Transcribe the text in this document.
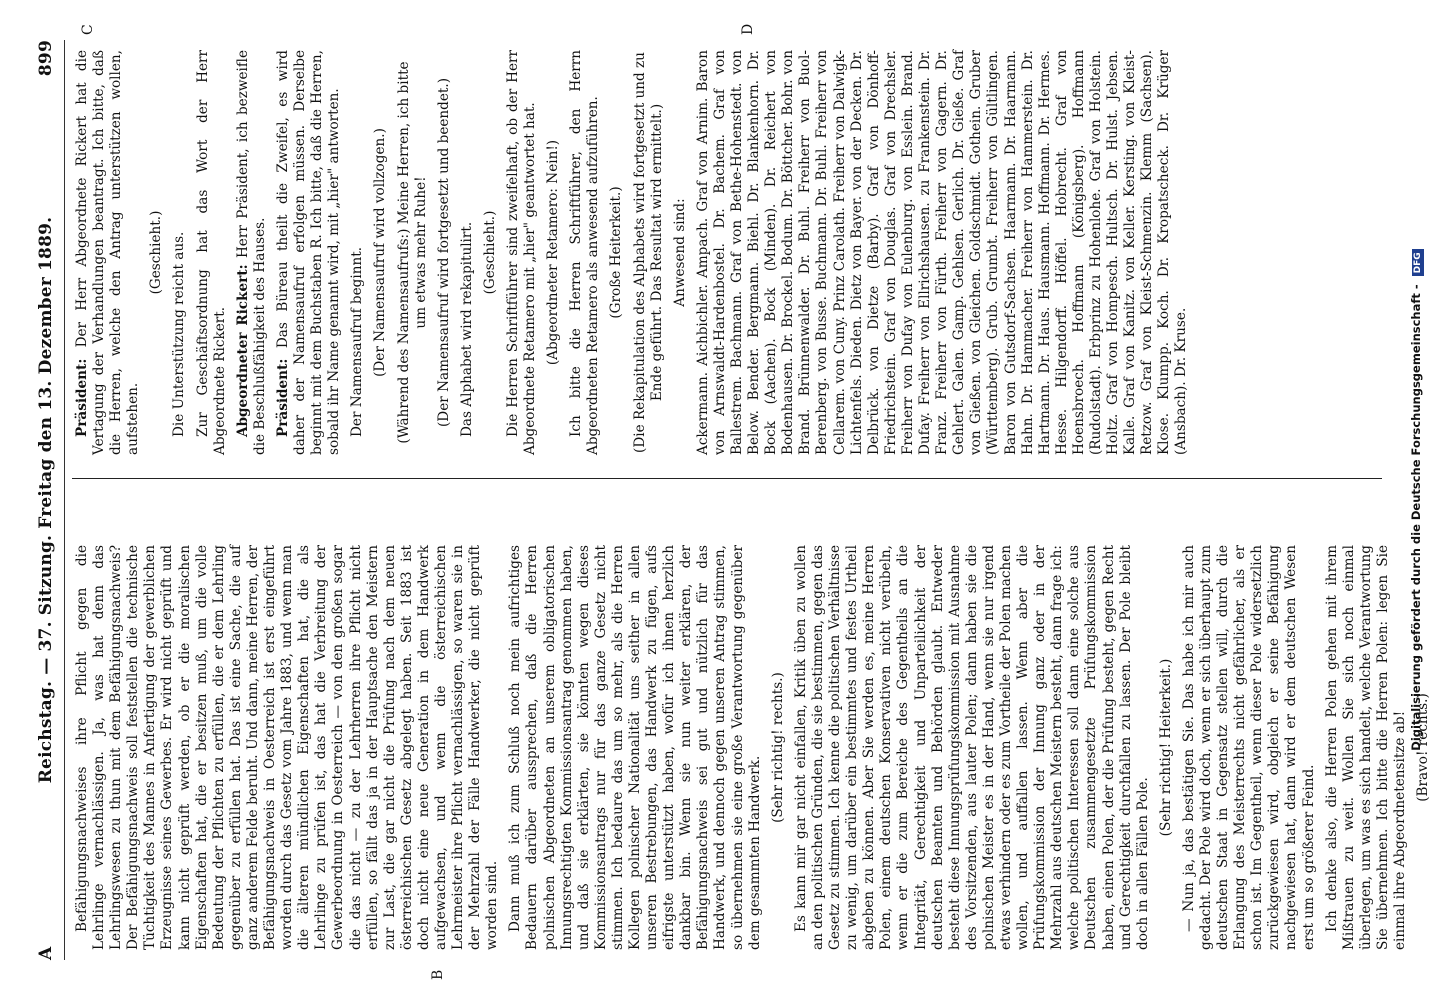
A
Reichstag. — 37. Sitzung. Freitag den 13. Dezember 1889.
899

Befähigungsnachweises ihre Pflicht gegen die Lehrlinge vernachlässigen. Ja, was hat denn das Lehrlingswesen zu thun mit dem Befähigungsnachweis? Der Befähigungsnachweis soll feststellen die technische Tüchtigkeit des Mannes in Anfertigung der gewerblichen Erzeugnisse seines Gewerbes. Er wird nicht geprüft und kann nicht geprüft werden, ob er die moralischen Eigenschaften hat, die er besitzen muß, um die volle Bedeutung der Pflichten zu erfüllen, die er dem Lehrling gegenüber zu erfüllen hat. Das ist eine Sache, die auf ganz anderem Felde beruht. Und dann, meine Herren, der Befähigungsnachweis in Oesterreich ist erst eingeführt worden durch das Gesetz vom Jahre 1883, und wenn man die älteren mündlichen Eigenschaften hat, die als Lehrlinge zu prüfen ist, das hat die Verbreitung der Gewerbeordnung in Oesterreich — von den großen sogar die das nicht — zu der Lehrherren ihre Pflicht nicht erfüllen, so fällt das ja in der Hauptsache den Meistern zur Last, die gar nicht die Prüfung nach dem neuen österreichischen Gesetz abgelegt haben. Seit 1883 ist doch nicht eine neue Generation in dem Handwerk aufgewachsen, und wenn die österreichischen Lehrmeister ihre Pflicht vernachlässigen, so waren sie in der Mehrzahl der Fälle Handwerker, die nicht geprüft worden sind. Dann muß ich zum Schluß noch mein aufrichtiges Bedauern darüber aussprechen, daß die Herren polnischen Abgeordneten an unserem obligatorischen Innungsrechtigten Kommissionsantrag genommen haben, und daß sie erklärten, sie könnten wegen dieses Kommissionsantrags nur für das ganze Gesetz nicht stimmen. Ich bedaure das um so mehr, als die Herren Kollegen polnischer Nationalität uns seither in allen unseren Bestrebungen, das Handwerk zu fügen, aufs eifrigste unterstützt haben, wofür ich ihnen herzlich dankbar bin. Wenn sie nun weiter erklären, der Befähigungsnachweis sei gut und nützlich für das Handwerk, und dennoch gegen unseren Antrag stimmen, so übernehmen sie eine große Verantwortung gegenüber dem gesammten Handwerk.

(Sehr richtig! rechts.) Es kann mir gar nicht einfallen, Kritik üben zu wollen an den politischen Gründen, die sie bestimmen, gegen das Gesetz zu stimmen. Ich kenne die politischen Verhältnisse zu wenig, um darüber ein bestimmtes und festes Urtheil abgeben zu können. Aber Sie werden es, meine Herren Polen, einem deutschen Konservativen nicht verübeln, wenn er die zum Bereiche des Gegentheils an die Integrität, Gerechtigkeit und Unparteilichkeit der deutschen Beamten und Behörden glaubt. Entweder besteht diese Innungsprüfungskommission mit Ausnahme des Vorsitzenden, aus lauter Polen; dann haben sie die polnischen Meister es in der Hand, wenn sie nur irgend etwas verhindern oder es zum Vortheile der Polen machen wollen, und auffallen lassen. Wenn aber die Prüfungskommission der Innung ganz oder in der Mehrzahl aus deutschen Meistern besteht, dann frage ich: welche politischen Interessen soll dann eine solche aus Deutschen zusammengesetzte Prüfungskommission haben, einen Polen, der die Prüfung besteht, gegen Recht und Gerechtigkeit durchfallen zu lassen. Der Pole bleibt doch in allen Fällen Pole.

(Sehr richtig! Heiterkeit.) — Nun ja, das bestätigen Sie. Das habe ich mir auch gedacht. Der Pole wird doch, wenn er sich überhaupt zum deutschen Staat in Gegensatz stellen will, durch die Erlangung des Meisterrechts nicht gefährlicher, als er schon ist. Im Gegentheil, wenn dieser Pole widersetzlich zurückgewiesen wird, obgleich er seine Befähigung nachgewiesen hat, dann wird er dem deutschen Wesen erst um so größerer Feind. Ich denke also, die Herren Polen gehen mit ihrem Mißtrauen zu weit. Wollen Sie sich noch einmal überlegen, um was es sich handelt, welche Verantwortung Sie übernehmen. Ich bitte die Herren Polen: legen Sie einmal ihre Abgeordnetensitze ab! (Bravo! rechts.)

Präsident: Der Herr Abgeordnete Rickert hat die Vertagung der Verhandlungen beantragt. Ich bitte, daß die Herren, welche den Antrag unterstützen wollen, aufstehen.

(Geschieht.) Die Unterstützung reicht aus. Zur Geschäftsordnung hat das Wort der Herr Abgeordnete Rickert. Abgeordneter Rickert: Herr Präsident, ich bezweifle die Beschlußfähigkeit des Hauses. Präsident: Das Büreau theilt die Zweifel, es wird daher der Namensaufruf erfolgen müssen. Derselbe beginnt mit dem Buchstaben R. Ich bitte, daß die Herren, sobald ihr Name genannt wird, mit „hier" antworten. Der Namensaufruf beginnt. (Der Namensaufruf wird vollzogen.) (Während des Namensaufrufs:) Meine Herren, ich bitte um etwas mehr Ruhe! (Der Namensaufruf wird fortgesetzt und beendet.) Das Alphabet wird rekapitulirt. (Geschieht.) Die Herren Schriftführer sind zweifelhaft, ob der Herr Abgeordnete Retamero mit „hier" geantwortet hat. (Abgeordneter Retamero: Nein!) Ich bitte die Herren Schriftführer, den Herrn Abgeordneten Retamero als anwesend aufzuführen. (Große Heiterkeit.) (Die Rekapitulation des Alphabets wird fortgesetzt und zu Ende geführt. Das Resultat wird ermittelt.) Anwesend sind: Ackermann. Aichbichler. Ampach. Graf von Arnim. Baron von Arnswaldt-Hardenbostel. Dr. Bachem. Graf von Ballestrem. Bachmann. Graf von Bethe-Hohenstedt. von Below. Bender. Bergmann. Biehl. Dr. Blankenhorn. Dr. Bock (Aachen). Bock (Minden). Dr. Reichert von Bodenhausen. Dr. Brockel. Bodum. Dr. Böttcher. Bohr. von Brand. Brünnenwalder. Dr. Buhl. Freiherr von Buol-Berenberg. von Busse. Buchmann. Dr. Buhl. Freiherr von Cellarem. von Cuny. Prinz Carolath. Freiherr von Dalwigk-Lichtenfels. Dieden. Dietz von Bayer. von der Decken. Dr. Delbrück. von Dietze (Barby). Graf von Dönhoff-Friedrichstein. Graf von Douglas. Graf von Drechsler. Freiherr von Dufay von Eulenburg. von Esslein. Brand. Dufay. Freiherr von Ellrichshausen. zu Frankenstein. Dr. Franz. Freiherr von Fürth. Freiherr von Gagern. Dr. Gehlert. Galen. Gamp. Gehlsen. Gerlich. Dr. Gieße. Graf von Gießen. von Gleichen. Goldschmidt. Gothein. Gruber (Württemberg). Grub. Grumbt. Freiherr von Gültlingen. Baron von Gutsdorf-Sachsen. Haarmann. Dr. Haarmann. Hahn. Dr. Hammacher. Freiherr von Hammerstein. Dr. Hartmann. Dr. Haus. Hausmann. Hoffmann. Dr. Hermes. Hesse. Hilgendorff. Höffel. Hobrecht. Graf von Hoensbroech. Hoffmann (Königsberg). Hoffmann (Rudolstadt). Erbprinz zu Hohenlohe. Graf von Holstein. Holtz. Graf von Hompesch. Hultsch. Dr. Hulst. Jebsen. Kalle. Graf von Kanitz. von Keller. Kersting. von Kleist-Retzow. Graf von Kleist-Schmenzin. Klemm (Sachsen). Klose. Klumpp. Koch. Dr. Kropatscheck. Dr. Krüger (Ansbach). Dr. Kruse.

B
C	D
Digitalisierung gefördert durch die Deutsche Forschungsgemeinschaft - DFG
